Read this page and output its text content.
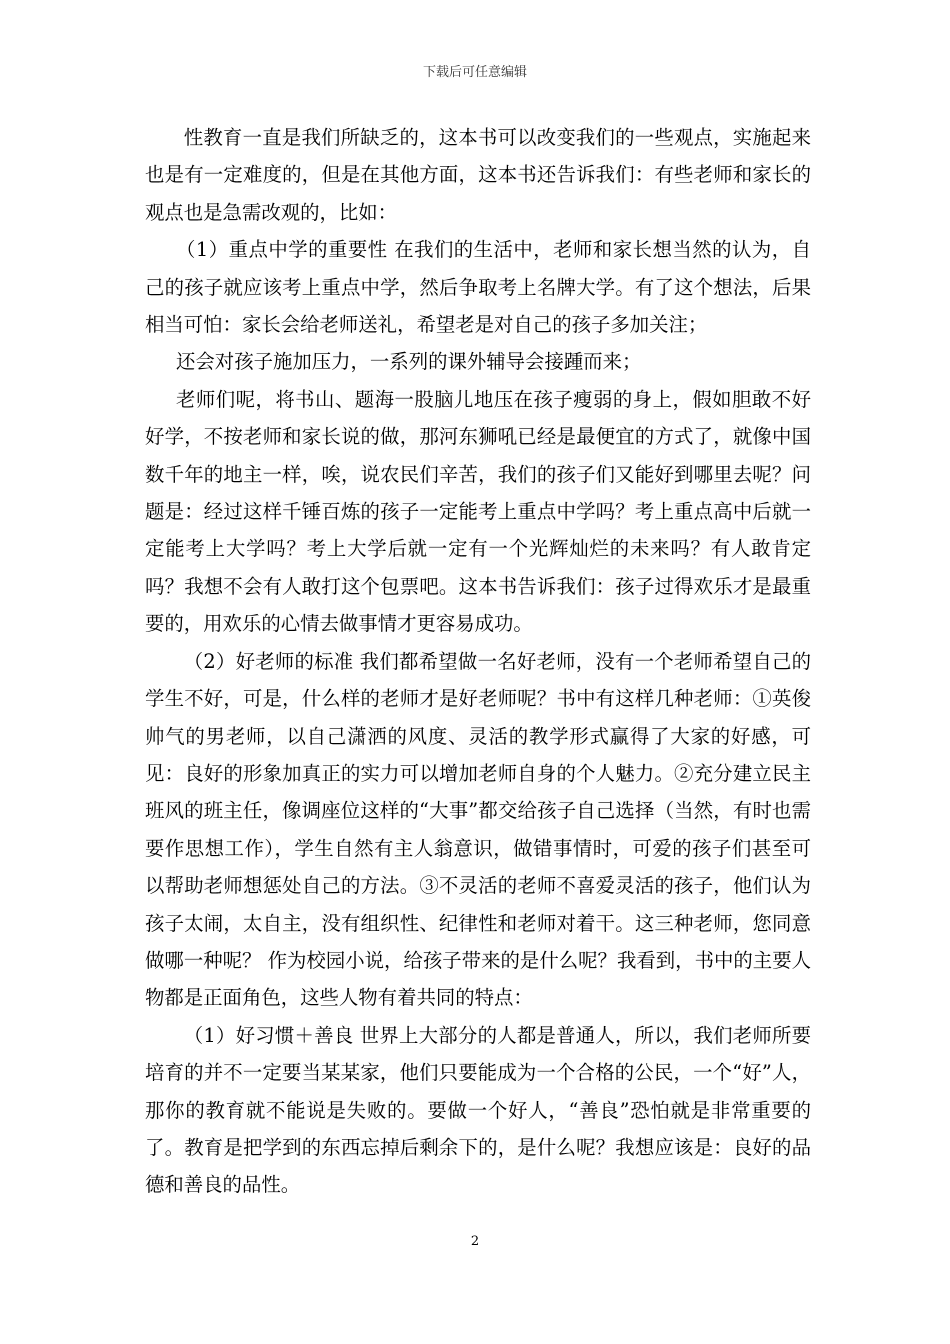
下载后可任意编辑

性教育一直是我们所缺乏的，这本书可以改变我们的一些观点，实施起来也是有一定难度的，但是在其他方面，这本书还告诉我们：有些老师和家长的观点也是急需改观的，比如：

（1）重点中学的重要性 在我们的生活中，老师和家长想当然的认为，自己的孩子就应该考上重点中学，然后争取考上名牌大学。有了这个想法，后果相当可怕：家长会给老师送礼，希望老是对自己的孩子多加关注；

还会对孩子施加压力，一系列的课外辅导会接踵而来；

老师们呢，将书山、题海一股脑儿地压在孩子瘦弱的身上，假如胆敢不好好学，不按老师和家长说的做，那河东狮吼已经是最便宜的方式了，就像中国数千年的地主一样，唉，说农民们辛苦，我们的孩子们又能好到哪里去呢？问题是：经过这样千锤百炼的孩子一定能考上重点中学吗？考上重点高中后就一定能考上大学吗？考上大学后就一定有一个光辉灿烂的未来吗？有人敢肯定吗？我想不会有人敢打这个包票吧。这本书告诉我们：孩子过得欢乐才是最重要的，用欢乐的心情去做事情才更容易成功。

（2）好老师的标准 我们都希望做一名好老师，没有一个老师希望自己的学生不好，可是，什么样的老师才是好老师呢？书中有这样几种老师：①英俊帅气的男老师，以自己潇洒的风度、灵活的教学形式赢得了大家的好感，可见：良好的形象加真正的实力可以增加老师自身的个人魅力。②充分建立民主班风的班主任，像调座位这样的“大事”都交给孩子自己选择（当然，有时也需要作思想工作），学生自然有主人翁意识，做错事情时，可爱的孩子们甚至可以帮助老师想惩处自己的方法。③不灵活的老师不喜爱灵活的孩子，他们认为孩子太闹，太自主，没有组织性、纪律性和老师对着干。这三种老师，您同意做哪一种呢？ 作为校园小说，给孩子带来的是什么呢？我看到，书中的主要人物都是正面角色，这些人物有着共同的特点：

（1）好习惯＋善良 世界上大部分的人都是普通人，所以，我们老师所要培育的并不一定要当某某家，他们只要能成为一个合格的公民，一个“好”人，那你的教育就不能说是失败的。要做一个好人，“善良”恐怕就是非常重要的了。教育是把学到的东西忘掉后剩余下的，是什么呢？我想应该是：良好的品德和善良的品性。

2
